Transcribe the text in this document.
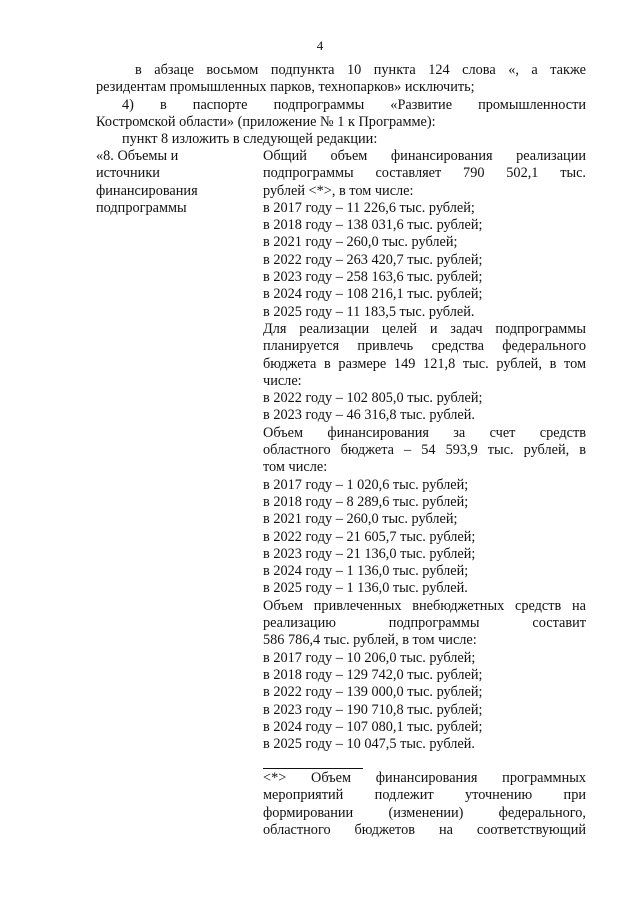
4
в абзаце восьмом подпункта 10 пункта 124 слова «, а также
резидентам промышленных парков, технопарков» исключить;
4) в паспорте подпрограммы «Развитие промышленности
Костромской области» (приложение № 1 к Программе):
пункт 8 изложить в следующей редакции:
«8. Объемы и
источники
финансирования
подпрограммы
Общий объем финансирования реализации
подпрограммы составляет 790 502,1 тыс.
рублей <*>, в том числе:
в 2017 году – 11 226,6 тыс. рублей;
в 2018 году – 138 031,6 тыс. рублей;
в 2021 году – 260,0 тыс. рублей;
в 2022 году – 263 420,7 тыс. рублей;
в 2023 году – 258 163,6 тыс. рублей;
в 2024 году – 108 216,1 тыс. рублей;
в 2025 году – 11 183,5 тыс. рублей.
Для реализации целей и задач подпрограммы
планируется привлечь средства федерального
бюджета в размере 149 121,8 тыс. рублей, в том
числе:
в 2022 году – 102 805,0 тыс. рублей;
в 2023 году – 46 316,8 тыс. рублей.
Объем финансирования за счет средств
областного бюджета – 54 593,9 тыс. рублей, в
том числе:
в 2017 году – 1 020,6 тыс. рублей;
в 2018 году – 8 289,6 тыс. рублей;
в 2021 году – 260,0 тыс. рублей;
в 2022 году – 21 605,7 тыс. рублей;
в 2023 году – 21 136,0 тыс. рублей;
в 2024 году – 1 136,0 тыс. рублей;
в 2025 году – 1 136,0 тыс. рублей.
Объем привлеченных внебюджетных средств на
реализацию подпрограммы составит
586 786,4 тыс. рублей, в том числе:
в 2017 году – 10 206,0 тыс. рублей;
в 2018 году – 129 742,0 тыс. рублей;
в 2022 году – 139 000,0 тыс. рублей;
в 2023 году – 190 710,8 тыс. рублей;
в 2024 году – 107 080,1 тыс. рублей;
в 2025 году – 10 047,5 тыс. рублей.
<*> Объем финансирования программных
мероприятий подлежит уточнению при
формировании (изменении) федерального,
областного бюджетов на соответствующий
